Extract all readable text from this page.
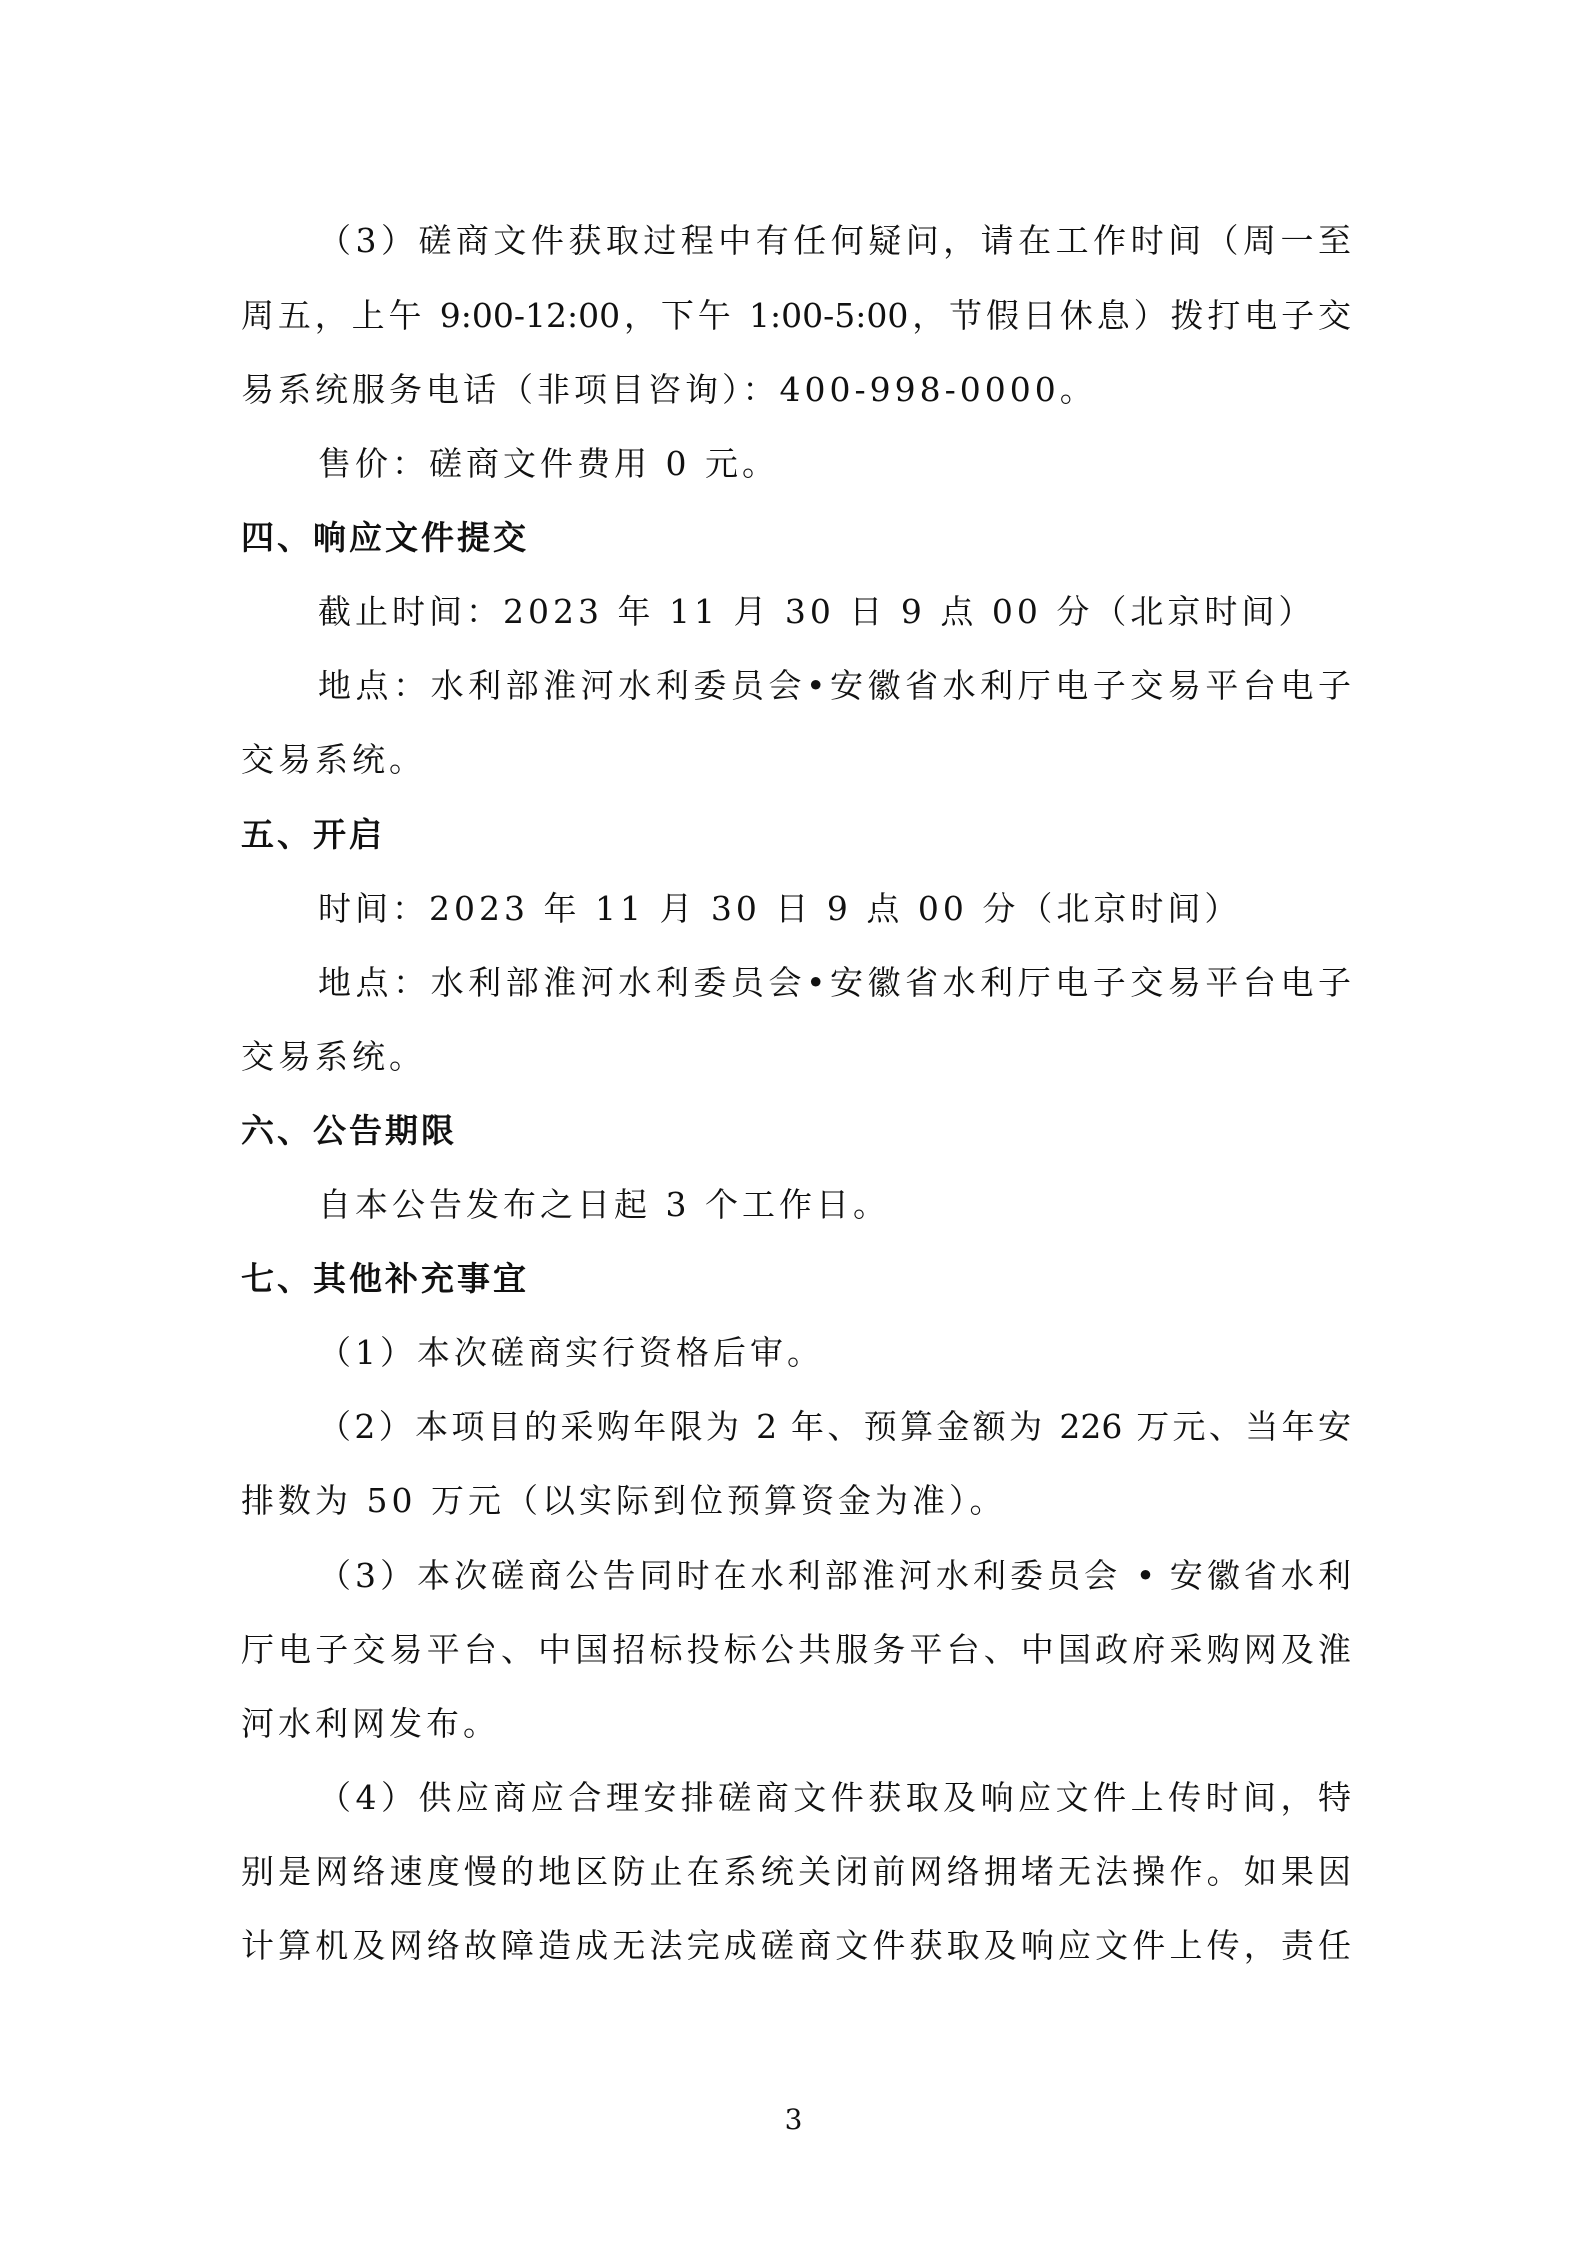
（3）磋商文件获取过程中有任何疑问，请在工作时间（周一至
周五，上午 9:00-12:00，下午 1:00-5:00，节假日休息）拨打电子交
易系统服务电话（非项目咨询）：400-998-0000。
售价：磋商文件费用 0 元。
四、响应文件提交
截止时间：2023 年 11 月 30 日 9 点 00 分（北京时间）
地点：水利部淮河水利委员会•安徽省水利厅电子交易平台电子
交易系统。
五、开启
时间：2023 年 11 月 30 日 9 点 00 分（北京时间）
地点：水利部淮河水利委员会•安徽省水利厅电子交易平台电子
交易系统。
六、公告期限
自本公告发布之日起 3 个工作日。
七、其他补充事宜
（1）本次磋商实行资格后审。
（2）本项目的采购年限为 2 年、预算金额为 226 万元、当年安
排数为 50 万元（以实际到位预算资金为准）。
（3）本次磋商公告同时在水利部淮河水利委员会 • 安徽省水利
厅电子交易平台、中国招标投标公共服务平台、中国政府采购网及淮
河水利网发布。
（4）供应商应合理安排磋商文件获取及响应文件上传时间，特
别是网络速度慢的地区防止在系统关闭前网络拥堵无法操作。如果因
计算机及网络故障造成无法完成磋商文件获取及响应文件上传，责任
3
